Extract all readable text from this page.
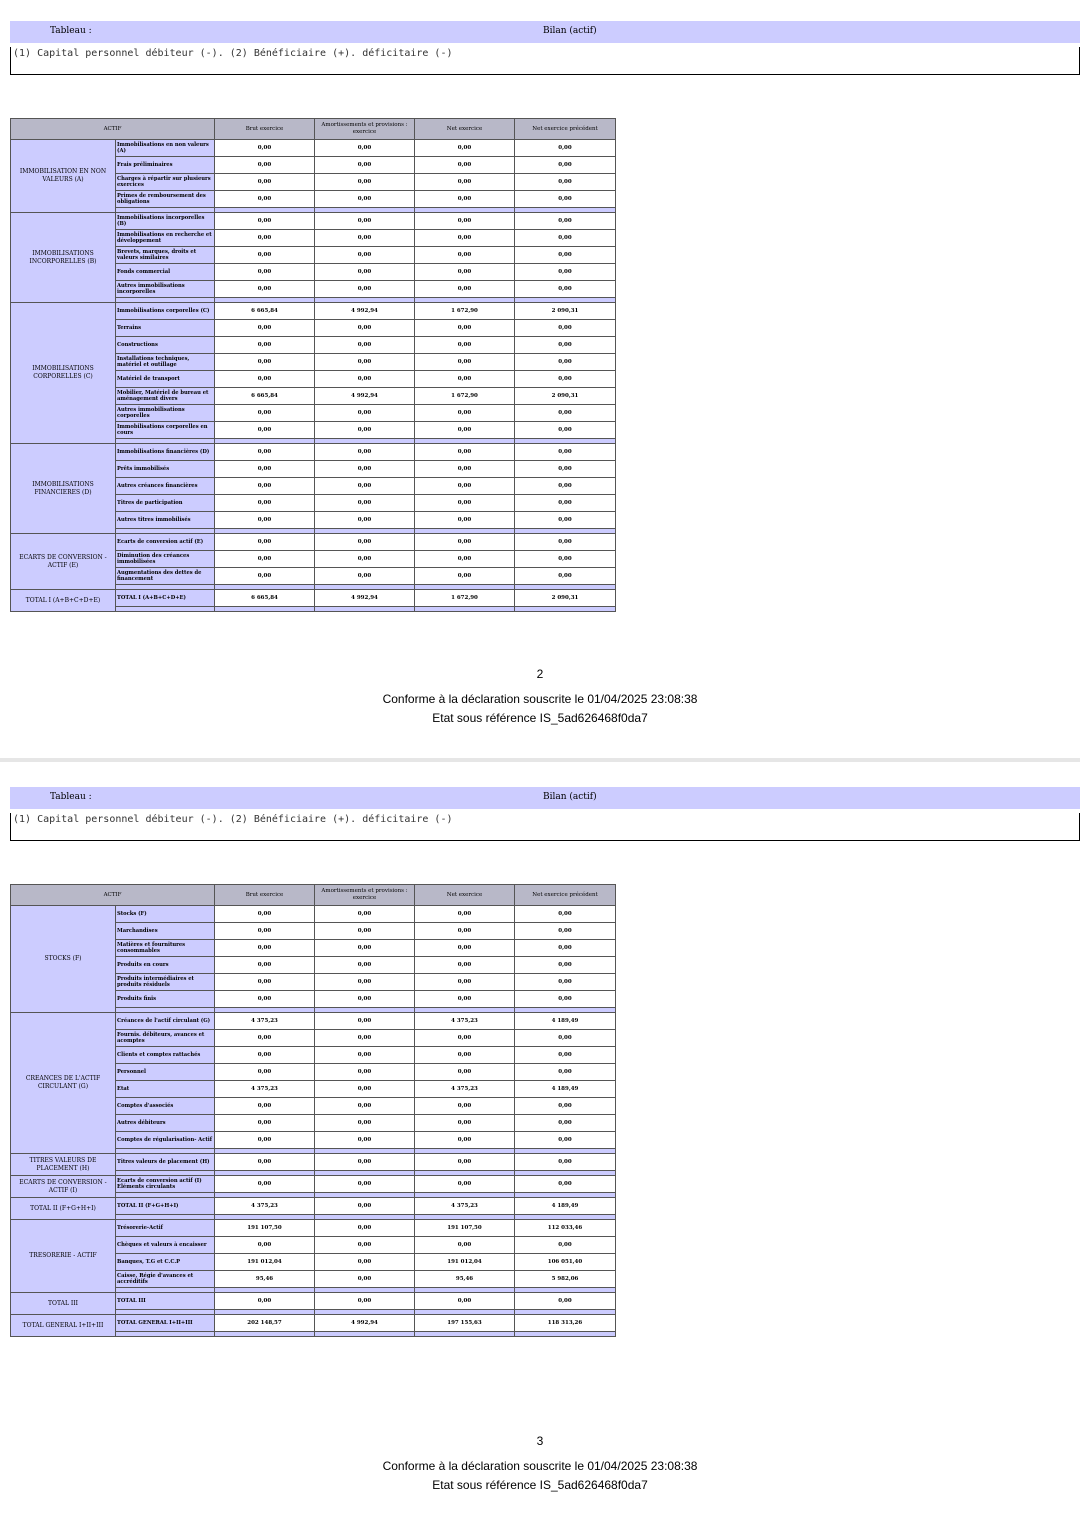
Tableau :	Bilan (actif)
(1) Capital personnel débiteur (-). (2) Bénéficiaire (+). déficitaire (-)
ACTIF		Brut exercice	Amortissements et provisions : exercice	Net exercice	Net exercice précédent
IMMOBILISATION EN NON VALEURS (A)	Immobilisations en non valeurs (A)	0,00	0,00	0,00	0,00
	Frais préliminaires	0,00	0,00	0,00	0,00
	Charges à répartir sur plusieurs exercices	0,00	0,00	0,00	0,00
	Primes de remboursement des obligations	0,00	0,00	0,00	0,00

IMMOBILISATIONS INCORPORELLES (B)	Immobilisations incorporelles (B)	0,00	0,00	0,00	0,00
	Immobilisations en recherche et développement	0,00	0,00	0,00	0,00
	Brevets, marques, droits et valeurs similaires	0,00	0,00	0,00	0,00
	Fonds commercial	0,00	0,00	0,00	0,00
	Autres immobilisations incorporelles	0,00	0,00	0,00	0,00

IMMOBILISATIONS CORPORELLES (C)	Immobilisations corporelles (C)	6 665,84	4 992,94	1 672,90	2 090,31
	Terrains	0,00	0,00	0,00	0,00
	Constructions	0,00	0,00	0,00	0,00
	Installations techniques, matériel et outillage	0,00	0,00	0,00	0,00
	Matériel de transport	0,00	0,00	0,00	0,00
	Mobilier, Matériel de bureau et aménagement divers	6 665,84	4 992,94	1 672,90	2 090,31
	Autres immobilisations corporelles	0,00	0,00	0,00	0,00
	Immobilisations corporelles en cours	0,00	0,00	0,00	0,00

IMMOBILISATIONS FINANCIERES (D)	Immobilisations financières (D)	0,00	0,00	0,00	0,00
	Prêts immobilisés	0,00	0,00	0,00	0,00
	Autres créances financières	0,00	0,00	0,00	0,00
	Titres de participation	0,00	0,00	0,00	0,00
	Autres titres immobilisés	0,00	0,00	0,00	0,00

ECARTS DE CONVERSION - ACTIF (E)	Ecarts de conversion actif (E)	0,00	0,00	0,00	0,00
	Diminution des créances immobilisées	0,00	0,00	0,00	0,00
	Augmentations des dettes de financement	0,00	0,00	0,00	0,00

TOTAL I (A+B+C+D+E)	TOTAL I (A+B+C+D+E)	6 665,84	4 992,94	1 672,90	2 090,31

2
Conforme à la déclaration souscrite le 01/04/2025 23:08:38
Etat sous référence IS_5ad626468f0da7
Tableau :	Bilan (actif)
(1) Capital personnel débiteur (-). (2) Bénéficiaire (+). déficitaire (-)
ACTIF		Brut exercice	Amortissements et provisions : exercice	Net exercice	Net exercice précédent
STOCKS (F)	Stocks (F)	0,00	0,00	0,00	0,00
	Marchandises	0,00	0,00	0,00	0,00
	Matières et fournitures consommables	0,00	0,00	0,00	0,00
	Produits en cours	0,00	0,00	0,00	0,00
	Produits intermédiaires et produits résiduels	0,00	0,00	0,00	0,00
	Produits finis	0,00	0,00	0,00	0,00

CREANCES DE L'ACTIF CIRCULANT (G)	Créances de l'actif circulant (G)	4 375,23	0,00	4 375,23	4 189,49
	Fournis. débiteurs, avances et acomptes	0,00	0,00	0,00	0,00
	Clients et comptes rattachés	0,00	0,00	0,00	0,00
	Personnel	0,00	0,00	0,00	0,00
	Etat	4 375,23	0,00	4 375,23	4 189,49
	Comptes d'associés	0,00	0,00	0,00	0,00
	Autres débiteurs	0,00	0,00	0,00	0,00
	Comptes de régularisation- Actif	0,00	0,00	0,00	0,00

TITRES VALEURS DE PLACEMENT (H)	Titres valeurs de placement (H)	0,00	0,00	0,00	0,00

ECARTS DE CONVERSION - ACTIF (I)	Ecarts de conversion actif (I) Eléments circulants	0,00	0,00	0,00	0,00

TOTAL II (F+G+H+I)	TOTAL II (F+G+H+I)	4 375,23	0,00	4 375,23	4 189,49

TRESORERIE - ACTIF	Trésorerie-Actif	191 107,50	0,00	191 107,50	112 033,46
	Chèques et valeurs à encaisser	0,00	0,00	0,00	0,00
	Banques, T.G et C.C.P	191 012,04	0,00	191 012,04	106 051,40
	Caisse, Régie d'avances et accréditifs	95,46	0,00	95,46	5 982,06

TOTAL III	TOTAL III	0,00	0,00	0,00	0,00

TOTAL GENERAL I+II+III	TOTAL GENERAL I+II+III	202 148,57	4 992,94	197 155,63	118 313,26

3
Conforme à la déclaration souscrite le 01/04/2025 23:08:38
Etat sous référence IS_5ad626468f0da7
